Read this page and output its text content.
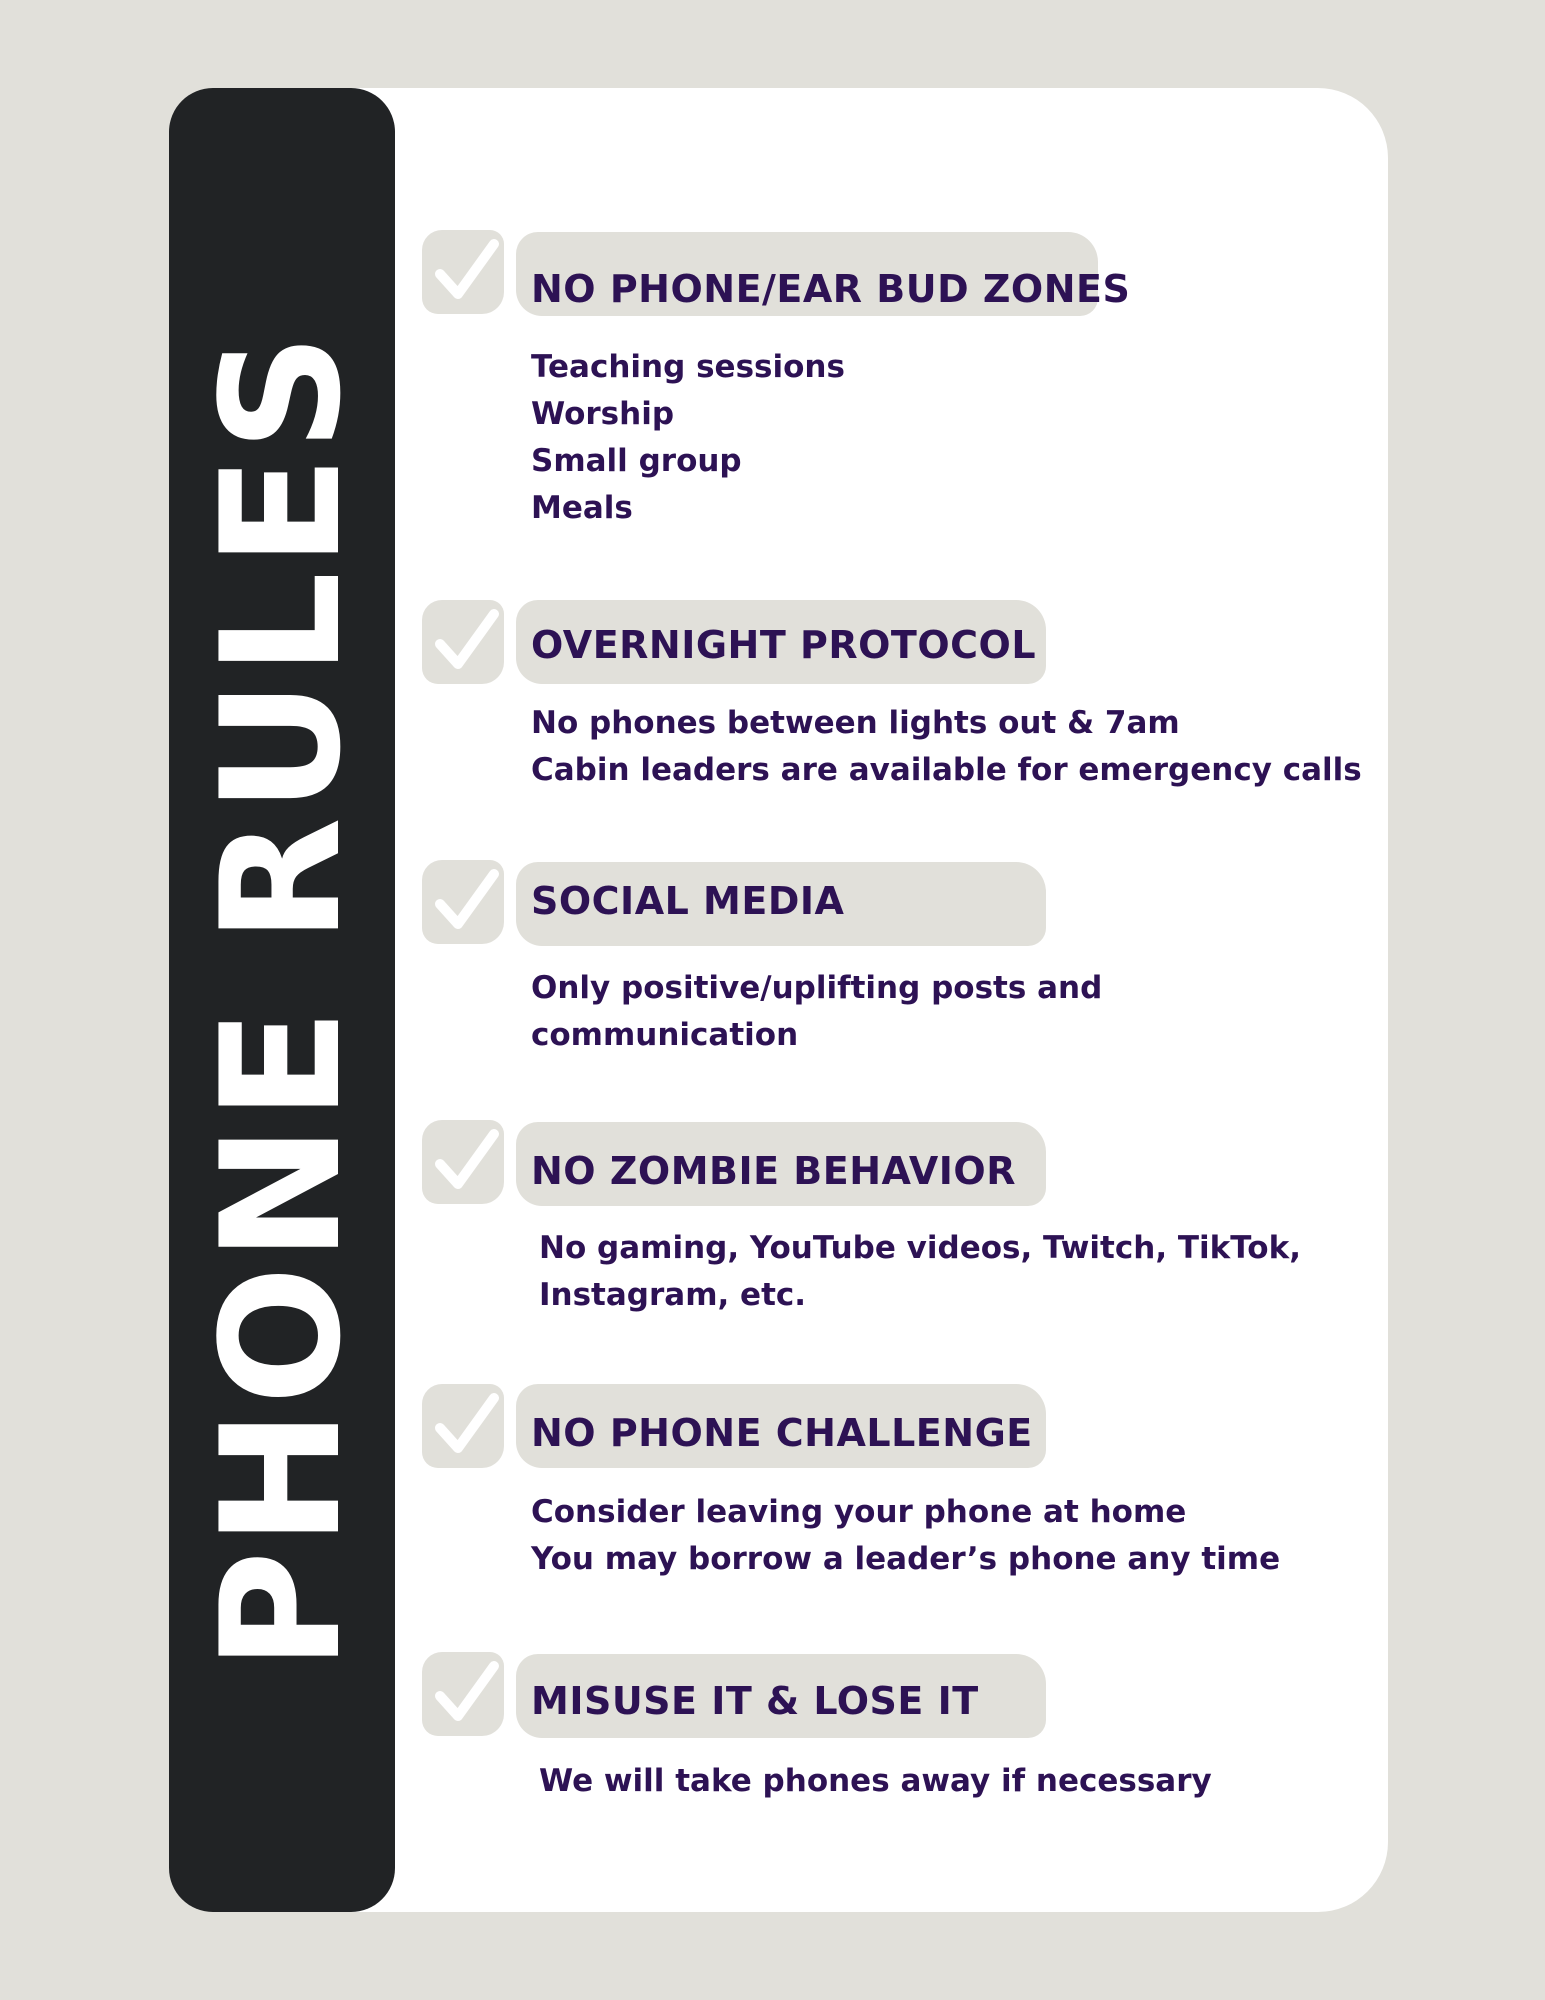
PHONE RULES
NO PHONE/EAR BUD ZONES
Teaching sessions
Worship
Small group
Meals
OVERNIGHT PROTOCOL
No phones between lights out & 7am
Cabin leaders are available for emergency calls
SOCIAL MEDIA
Only positive/uplifting posts and
communication
NO ZOMBIE BEHAVIOR
No gaming, YouTube videos, Twitch, TikTok,
Instagram, etc.
NO PHONE CHALLENGE
Consider leaving your phone at home
You may borrow a leader’s phone any time
MISUSE IT & LOSE IT
We will take phones away if necessary
